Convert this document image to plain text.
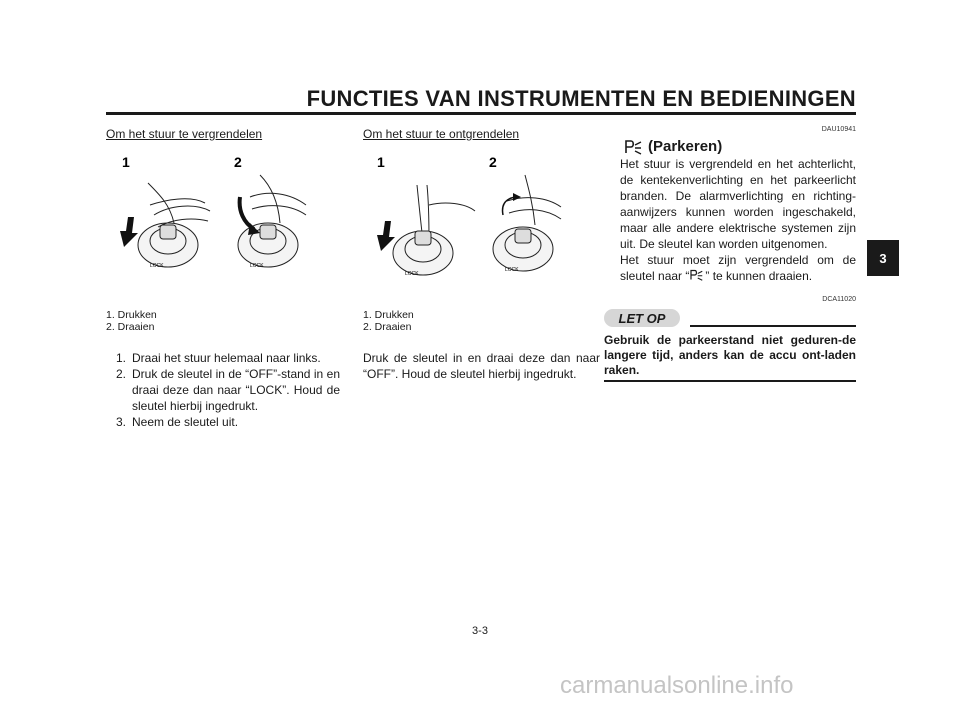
FUNCTIES VAN INSTRUMENTEN EN BEDIENINGEN
3
Om het stuur te vergrendelen
1	2
LOCK	LOCK
1. Drukken
2. Draaien
1. Draai het stuur helemaal naar links.
2. Druk de sleutel in de “OFF”-stand in en draai deze dan naar “LOCK”. Houd de sleutel hierbij ingedrukt.
3. Neem de sleutel uit.
Om het stuur te ontgrendelen
1	2
LOCK
LOCK
1. Drukken
2. Draaien
Druk de sleutel in en draai deze dan naar “OFF”. Houd de sleutel hierbij ingedrukt.
DAU10941
(Parkeren)
Het stuur is vergrendeld en het achterlicht, de kentekenverlichting en het parkeerlicht branden. De alarmverlichting en richting-aanwijzers kunnen worden ingeschakeld, maar alle andere elektrische systemen zijn uit. De sleutel kan worden uitgenomen.
Het stuur moet zijn vergrendeld om de sleutel naar “ ” te kunnen draaien.
DCA11020
LET OP
Gebruik de parkeerstand niet geduren-de langere tijd, anders kan de accu ont-laden raken.
3-3
carmanualsonline.info
